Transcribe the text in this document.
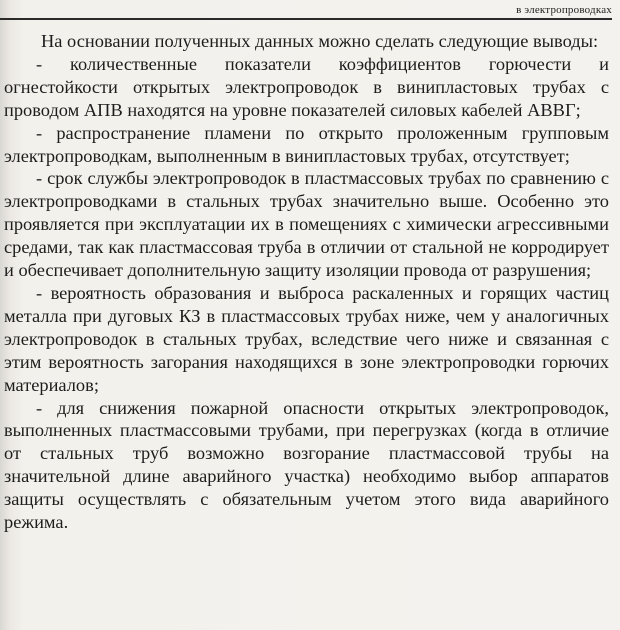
в электропроводках

На основании полученных данных можно сделать следующие выводы:

- количественные показатели коэффициентов горючести и огнестойкости открытых электропроводок в винипластовых трубах с проводом АПВ находятся на уровне показателей силовых кабелей АВВГ;

- распространение пламени по открыто проложенным групповым электропроводкам, выполненным в винипластовых трубах, отсутствует;

- срок службы электропроводок в пластмассовых трубах по сравнению с электропроводками в стальных трубах значительно выше. Особенно это проявляется при эксплуатации их в помещениях с химически агрессивными средами, так как пластмассовая труба в отличии от стальной не корродирует и обеспечивает дополнительную защиту изоляции провода от разрушения;

- вероятность образования и выброса раскаленных и горящих частиц металла при дуговых КЗ в пластмассовых трубах ниже, чем у аналогичных электропроводок в стальных трубах, вследствие чего ниже и связанная с этим вероятность загорания находящихся в зоне электропроводки горючих материалов;

- для снижения пожарной опасности открытых электропроводок, выполненных пластмассовыми трубами, при перегрузках (когда в отличие от стальных труб возможно возгорание пластмассовой трубы на значительной длине аварийного участка) необходимо выбор аппаратов защиты осуществлять с обязательным учетом этого вида аварийного режима.
